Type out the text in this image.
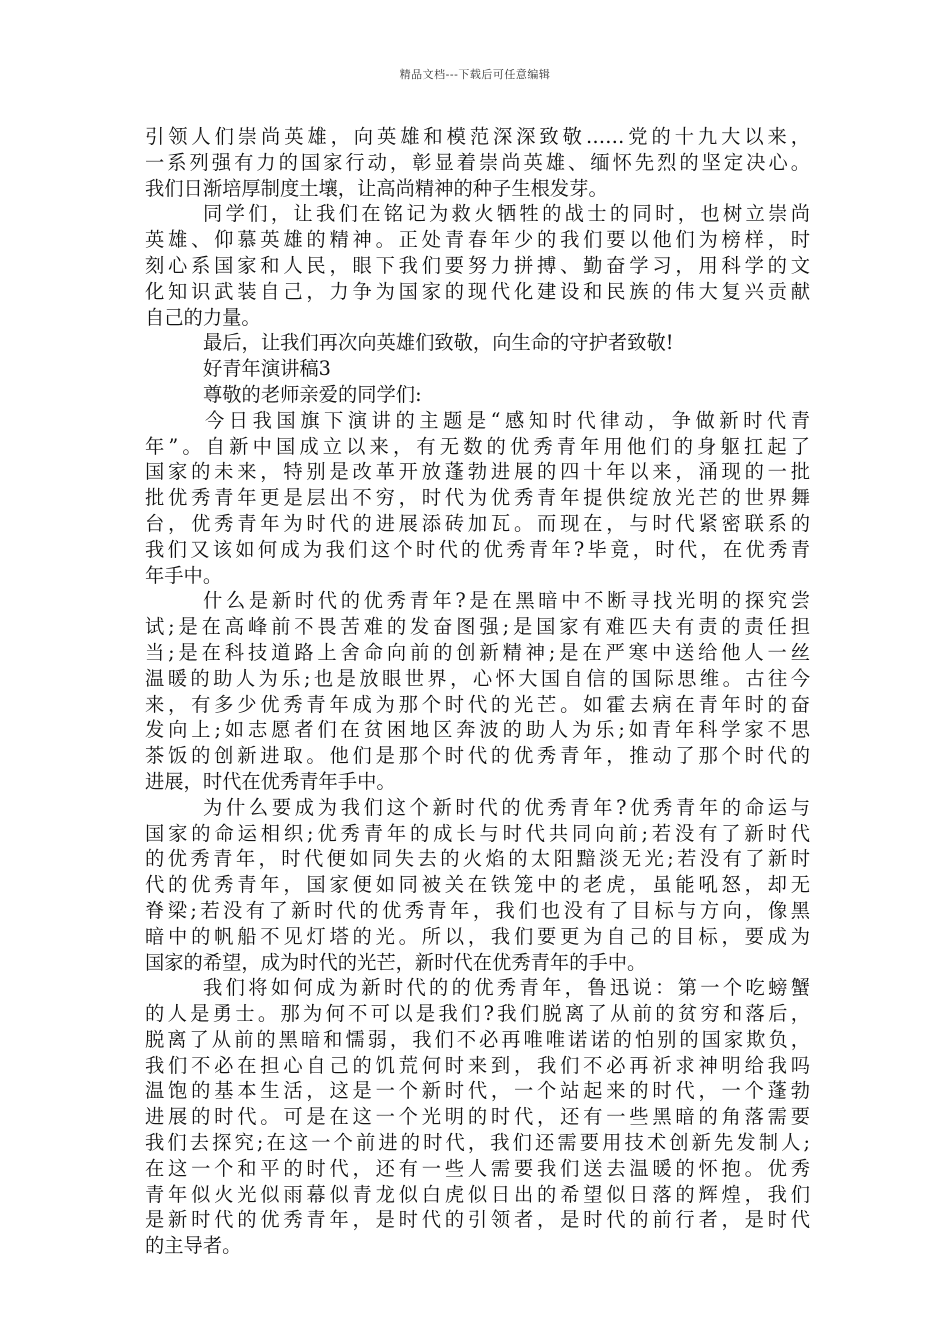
精品文档---下载后可任意编辑
引领人们崇尚英雄，向英雄和模范深深致敬……党的十九大以来，
一系列强有力的国家行动，彰显着崇尚英雄、缅怀先烈的坚定决心。
我们日渐培厚制度土壤，让高尚精神的种子生根发芽。
同学们，让我们在铭记为救火牺牲的战士的同时，也树立崇尚
英雄、仰慕英雄的精神。正处青春年少的我们要以他们为榜样，时
刻心系国家和人民，眼下我们要努力拼搏、勤奋学习，用科学的文
化知识武装自己，力争为国家的现代化建设和民族的伟大复兴贡献
自己的力量。
最后，让我们再次向英雄们致敬，向生命的守护者致敬!
好青年演讲稿3
尊敬的老师亲爱的同学们:
今日我国旗下演讲的主题是“感知时代律动，争做新时代青
年”。自新中国成立以来，有无数的优秀青年用他们的身躯扛起了
国家的未来，特别是改革开放蓬勃进展的四十年以来，涌现的一批
批优秀青年更是层出不穷，时代为优秀青年提供绽放光芒的世界舞
台，优秀青年为时代的进展添砖加瓦。而现在，与时代紧密联系的
我们又该如何成为我们这个时代的优秀青年?毕竟，时代，在优秀青
年手中。
什么是新时代的优秀青年?是在黑暗中不断寻找光明的探究尝
试;是在高峰前不畏苦难的发奋图强;是国家有难匹夫有责的责任担
当;是在科技道路上舍命向前的创新精神;是在严寒中送给他人一丝
温暖的助人为乐;也是放眼世界，心怀大国自信的国际思维。古往今
来，有多少优秀青年成为那个时代的光芒。如霍去病在青年时的奋
发向上;如志愿者们在贫困地区奔波的助人为乐;如青年科学家不思
茶饭的创新进取。他们是那个时代的优秀青年，推动了那个时代的
进展，时代在优秀青年手中。
为什么要成为我们这个新时代的优秀青年?优秀青年的命运与
国家的命运相织;优秀青年的成长与时代共同向前;若没有了新时代
的优秀青年，时代便如同失去的火焰的太阳黯淡无光;若没有了新时
代的优秀青年，国家便如同被关在铁笼中的老虎，虽能吼怒，却无
脊梁;若没有了新时代的优秀青年，我们也没有了目标与方向，像黑
暗中的帆船不见灯塔的光。所以，我们要更为自己的目标，要成为
国家的希望，成为时代的光芒，新时代在优秀青年的手中。
我们将如何成为新时代的的优秀青年，鲁迅说：第一个吃螃蟹
的人是勇士。那为何不可以是我们?我们脱离了从前的贫穷和落后，
脱离了从前的黑暗和懦弱，我们不必再唯唯诺诺的怕别的国家欺负，
我们不必在担心自己的饥荒何时来到，我们不必再祈求神明给我吗
温饱的基本生活，这是一个新时代，一个站起来的时代，一个蓬勃
进展的时代。可是在这一个光明的时代，还有一些黑暗的角落需要
我们去探究;在这一个前进的时代，我们还需要用技术创新先发制人;
在这一个和平的时代，还有一些人需要我们送去温暖的怀抱。优秀
青年似火光似雨幕似青龙似白虎似日出的希望似日落的辉煌，我们
是新时代的优秀青年，是时代的引领者，是时代的前行者，是时代
的主导者。
